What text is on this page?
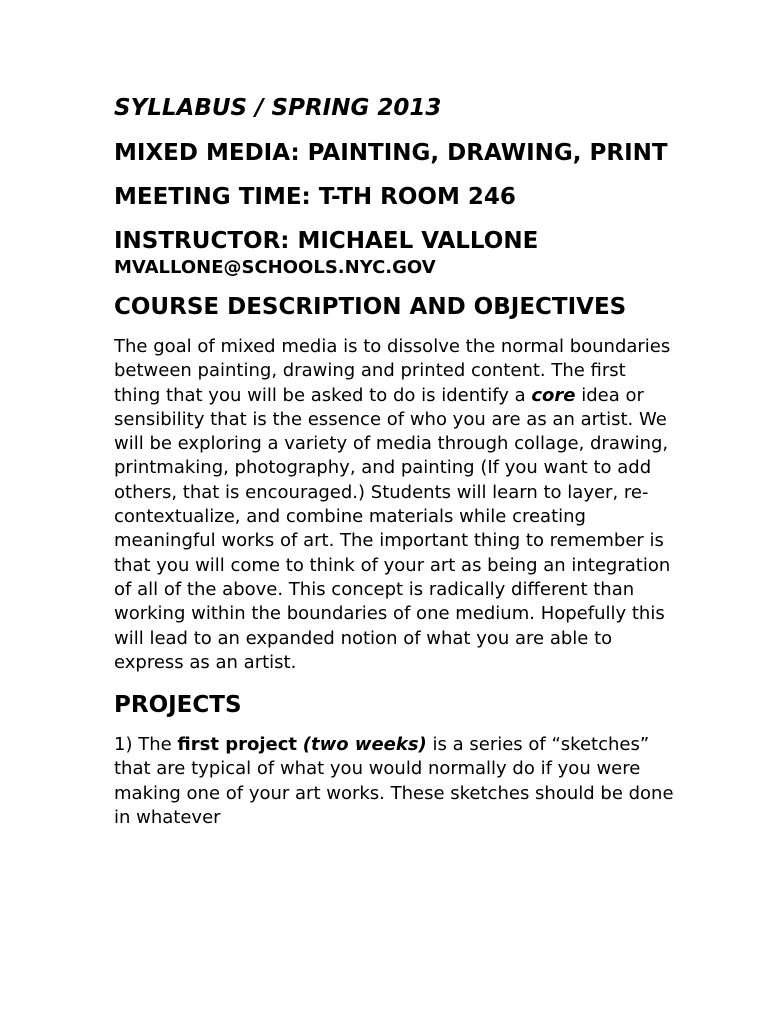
SYLLABUS / SPRING 2013
MIXED MEDIA: PAINTING, DRAWING, PRINT
MEETING TIME: T-TH ROOM 246
INSTRUCTOR: MICHAEL VALLONE
MVALLONE@SCHOOLS.NYC.GOV
COURSE DESCRIPTION AND OBJECTIVES

The goal of mixed media is to dissolve the normal boundaries between painting, drawing and printed content. The first thing that you will be asked to do is identify a core idea or sensibility that is the essence of who you are as an artist. We will be exploring a variety of media through collage, drawing, printmaking, photography, and painting (If you want to add others, that is encouraged.) Students will learn to layer, re-contextualize, and combine materials while creating meaningful works of art. The important thing to remember is that you will come to think of your art as being an integration of all of the above. This concept is radically different than working within the boundaries of one medium. Hopefully this will lead to an expanded notion of what you are able to express as an artist.

PROJECTS

1) The first project (two weeks) is a series of “sketches” that are typical of what you would normally do if you were making one of your art works. These sketches should be done in whatever
